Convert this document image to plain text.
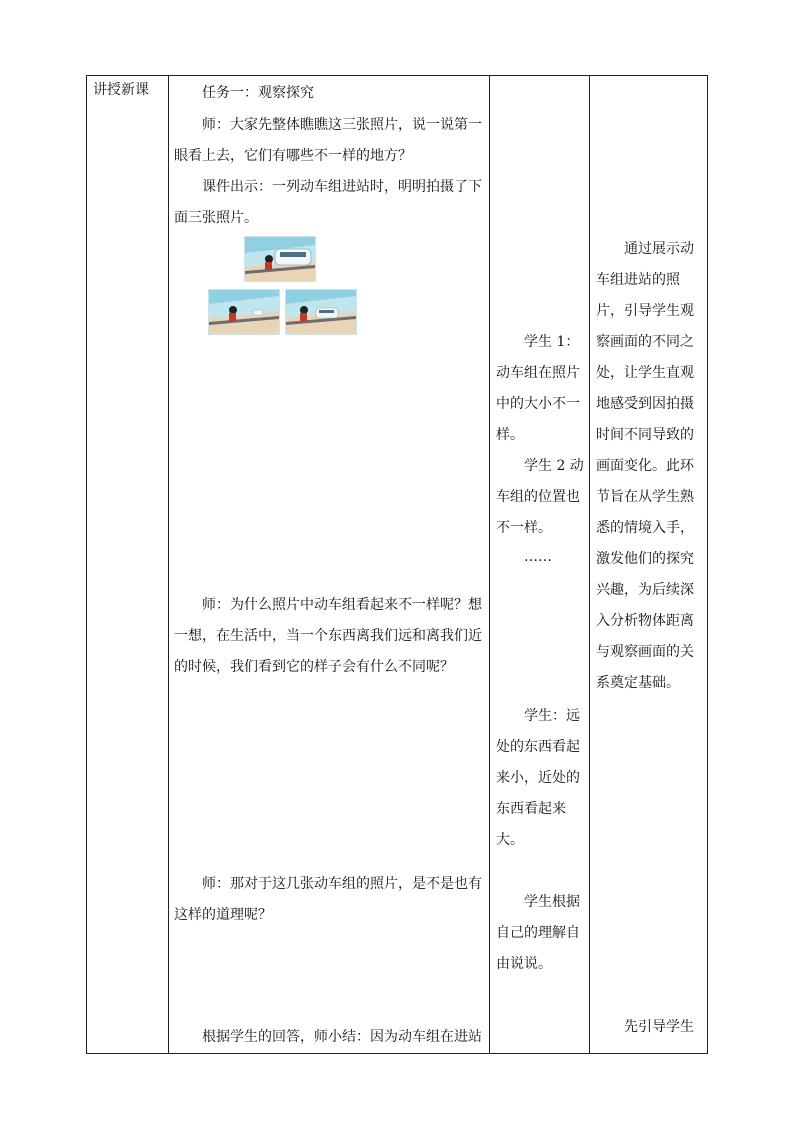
讲授新课	任务一：观察探究

师：大家先整体瞧瞧这三张照片，说一说第一眼看上去，它们有哪些不一样的地方？

课件出示：一列动车组进站时，明明拍摄了下面三张照片。

师：为什么照片中动车组看起来不一样呢？想一想，在生活中，当一个东西离我们远和离我们近的时候，我们看到它的样子会有什么不同呢？

师：那对于这几张动车组的照片，是不是也有这样的道理呢？

根据学生的回答，师小结：因为动车组在进站

学生 1：动车组在照片中的大小不一样。

学生 2 动车组的位置也不一样。

……

学生：远处的东西看起来小，近处的东西看起来大。

学生根据自己的理解自由说说。

通过展示动车组进站的照片，引导学生观察画面的不同之处，让学生直观地感受到因拍摄时间不同导致的画面变化。此环节旨在从学生熟悉的情境入手，激发他们的探究兴趣，为后续深入分析物体距离与观察画面的关系奠定基础。

先引导学生
